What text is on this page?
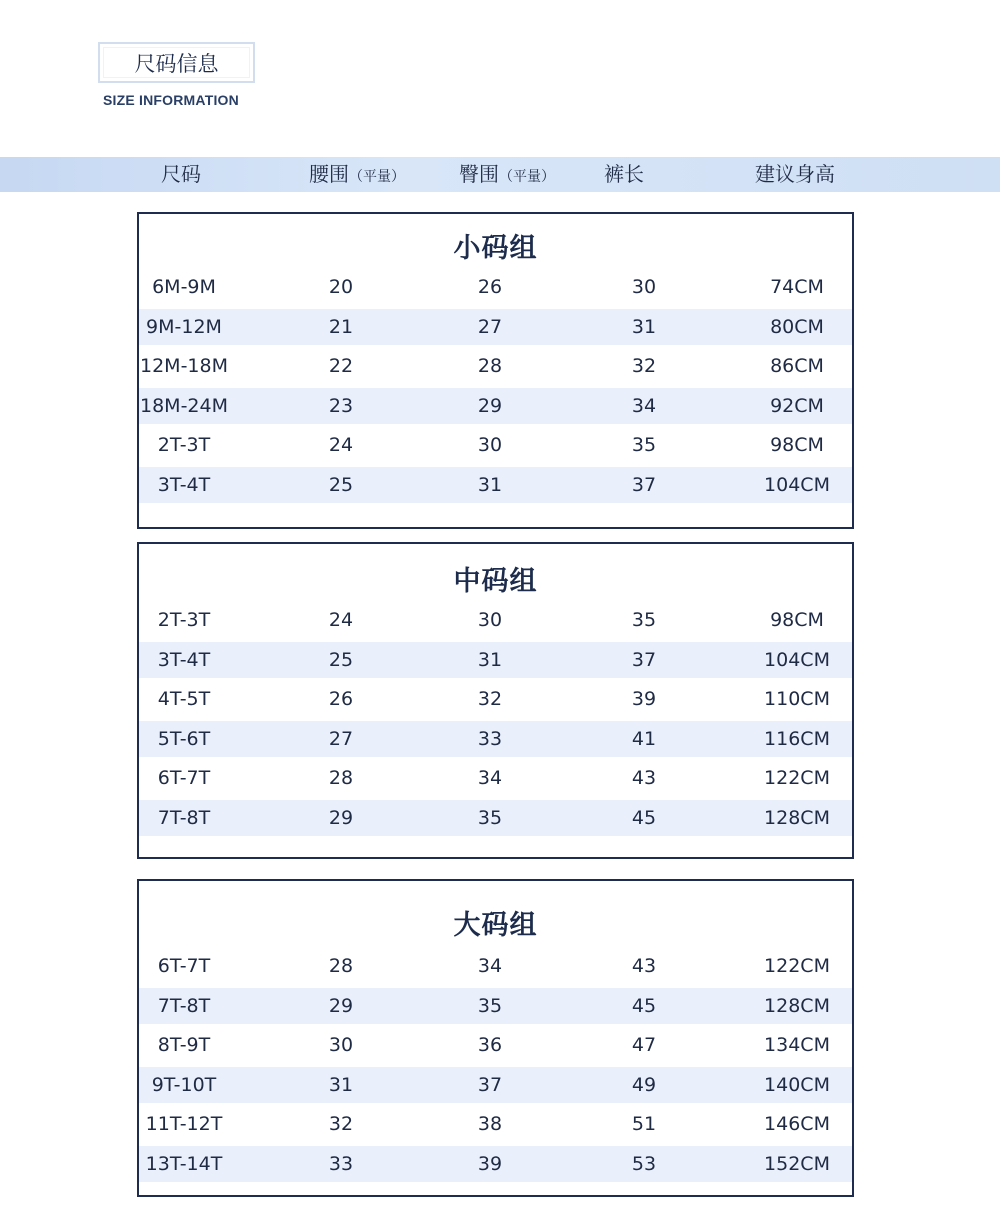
尺码信息
SIZE INFORMATION
尺码	腰围（平量）	臀围（平量） 裤长	建议身高
小码组
6M-9M	20	26	30	74CM
9M-12M	21	27	31	80CM
12M-18M	22	28	32	86CM
18M-24M	23	29	34	92CM
2T-3T	24	30	35	98CM
3T-4T	25	31	37	104CM
中码组
2T-3T	24	30	35	98CM
3T-4T	25	31	37	104CM
4T-5T	26	32	39	110CM
5T-6T	27	33	41	116CM
6T-7T	28	34	43	122CM
7T-8T	29	35	45	128CM
大码组
6T-7T	28	34	43	122CM
7T-8T	29	35	45	128CM
8T-9T	30	36	47	134CM
9T-10T	31	37	49	140CM
11T-12T	32	38	51	146CM
13T-14T	33	39	53	152CM
